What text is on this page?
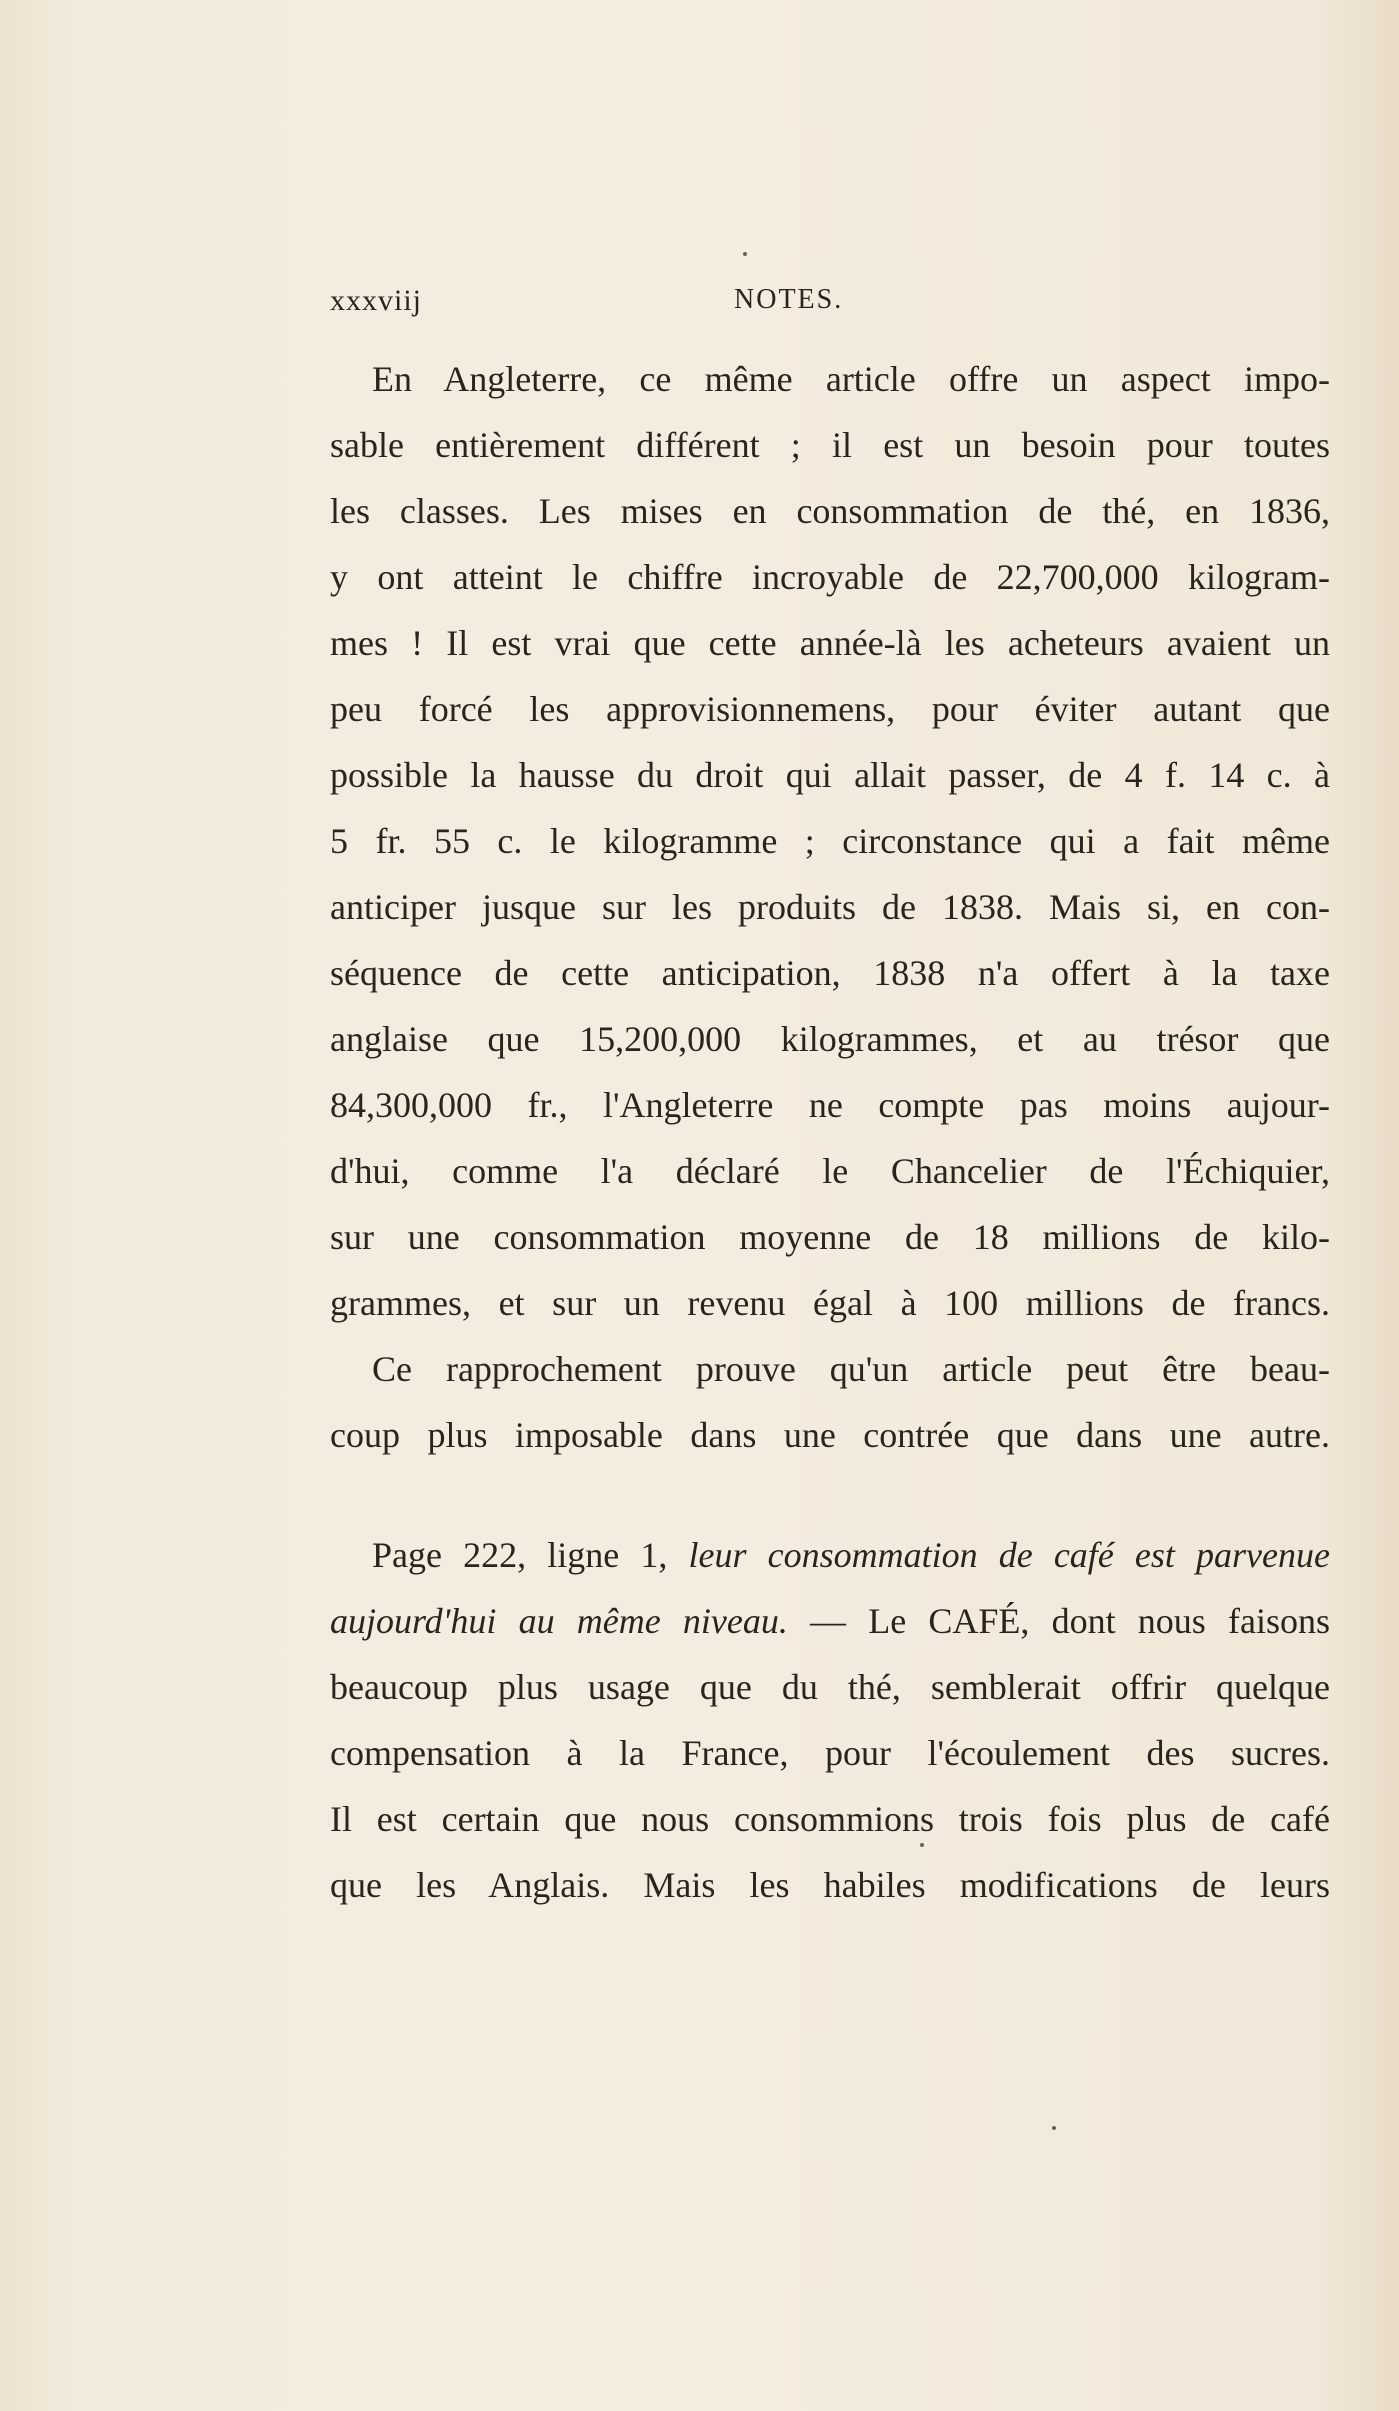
xxxviij	NOTES.
En Angleterre, ce même article offre un aspect impo-
sable entièrement différent ; il est un besoin pour toutes
les classes. Les mises en consommation de thé, en 1836,
y ont atteint le chiffre incroyable de 22,700,000 kilogram-
mes ! Il est vrai que cette année-là les acheteurs avaient un
peu forcé les approvisionnemens, pour éviter autant que
possible la hausse du droit qui allait passer, de 4 f. 14 c. à
5 fr. 55 c. le kilogramme ; circonstance qui a fait même
anticiper jusque sur les produits de 1838. Mais si, en con-
séquence de cette anticipation, 1838 n'a offert à la taxe
anglaise que 15,200,000 kilogrammes, et au trésor que
84,300,000 fr., l'Angleterre ne compte pas moins aujour-
d'hui, comme l'a déclaré le Chancelier de l'Échiquier,
sur une consommation moyenne de 18 millions de kilo-
grammes, et sur un revenu égal à 100 millions de francs.
Ce rapprochement prouve qu'un article peut être beau-
coup plus imposable dans une contrée que dans une autre.
Page 222, ligne 1, leur consommation de café est parvenue
aujourd'hui au même niveau. — Le CAFÉ, dont nous faisons
beaucoup plus usage que du thé, semblerait offrir quelque
compensation à la France, pour l'écoulement des sucres.
Il est certain que nous consommions trois fois plus de café
que les Anglais. Mais les habiles modifications de leurs
